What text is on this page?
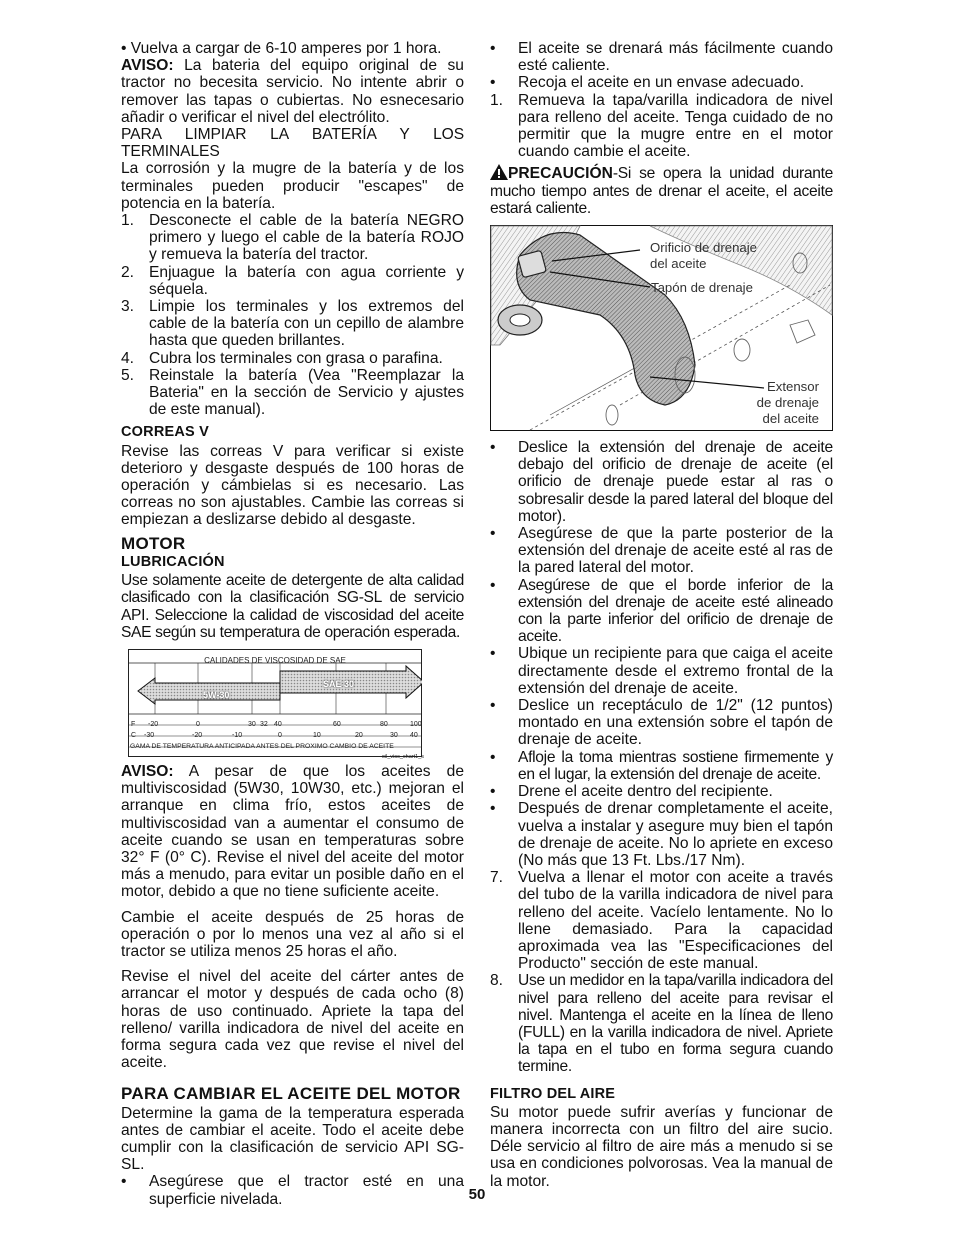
• Vuelva a cargar de 6-10 amperes por 1 hora.

AVISO: La bateria del equipo original de su tractor no becesita servicio. No intente abrir o remover las tapas o cubiertas. No esnecesario añadir o verificar el nivel del electrólito.

PARA LIMPIAR LA BATERÍA Y LOS TERMINALES

La corrosión y la mugre de la batería y de los terminales pueden producir "escapes" de potencia en la batería.

1. Desconecte el cable de la batería NEGRO primero y luego el cable de la batería ROJO y remueva la batería del tractor.

2. Enjuague la batería con agua corriente y séquela.

3. Limpie los terminales y los extremos del cable de la batería con un cepillo de alambre hasta que queden brillantes.

4. Cubra los terminales con grasa o parafina.

5. Reinstale la batería (Vea "Reemplazar la Bateria" en la sección de Servicio y ajustes de este manual).

CORREAS V

Revise las correas V para verificar si existe deterioro y desgaste después de 100 horas de operación y cámbielas si es necesario. Las correas no son ajustables. Cambie las correas si empiezan a deslizarse debido al desgaste.

MOTOR
LUBRICACIÓN

Use solamente aceite de detergente de alta calidad clasificado con la clasificación SG-SL de servicio API. Seleccione la calidad de viscosidad del aceite SAE según su temperatura de operación esperada.

CALIDADES DE VISCOSIDAD DE SAE
SAE 30
5W-30
F -20	0	30 32 40	60	80	100
C -30	-20	-10	0	10	20	30 40
GAMA DE TEMPERATURA ANTICIPADA ANTES DEL PROXIMO CAMBIO DE ACEITE
oil_visc_chart1_s

AVISO: A pesar de que los aceites de multiviscosidad (5W30, 10W30, etc.) mejoran el arranque en clima frío, estos aceites de multiviscosidad van a aumentar el consumo de aceite cuando se usan en temperaturas sobre 32° F (0° C). Revise el nivel del aceite del motor más a menudo, para evitar un posible daño en el motor, debido a que no tiene suficiente aceite.

Cambie el aceite después de 25 horas de operación o por lo menos una vez al año si el tractor se utiliza menos 25 horas el año.

Revise el nivel del aceite del cárter antes de arrancar el motor y después de cada ocho (8) horas de uso continuado. Apriete la tapa del relleno/ varilla indicadora de nivel del aceite en forma segura cada vez que revise el nivel del aceite.

PARA CAMBIAR EL ACEITE DEL MOTOR

Determine la gama de la temperatura esperada antes de cambiar el aceite. Todo el aceite debe cumplir con la clasificación de servicio API SG-SL.

• Asegúrese que el tractor esté en una superficie nivelada.

• El aceite se drenará más fácilmente cuando esté caliente.

• Recoja el aceite en un envase adecuado.

1. Remueva la tapa/varilla indicadora de nivel para relleno del aceite. Tenga cuidado de no permitir que la mugre entre en el motor cuando cambie el aceite.

PRECAUCIÓN-Si se opera la unidad durante mucho tiempo antes de drenar el aceite, el aceite estará caliente.

Orificio de drenaje
del aceite
Tapón de drenaje
Extensor
de drenaje
del aceite

• Deslice la extensión del drenaje de aceite debajo del orificio de drenaje de aceite (el orificio de drenaje puede estar al ras o sobresalir desde la pared lateral del bloque del motor).

• Asegúrese de que la parte posterior de la extensión del drenaje de aceite esté al ras de la pared lateral del motor.

• Asegúrese de que el borde inferior de la extensión del drenaje de aceite esté alineado con la parte inferior del orificio de drenaje de aceite.

• Ubique un recipiente para que caiga el aceite directamente desde el extremo frontal de la extensión del drenaje de aceite.

• Deslice un receptáculo de 1/2" (12 puntos) montado en una extensión sobre el tapón de drenaje de aceite.

• Afloje la toma mientras sostiene firmemente y en el lugar, la extensión del drenaje de aceite.

• Drene el aceite dentro del recipiente.

• Después de drenar completamente el aceite, vuelva a instalar y asegure muy bien el tapón de drenaje de aceite. No lo apriete en exceso (No más que 13 Ft. Lbs./17 Nm).

7. Vuelva a llenar el motor con aceite a través del tubo de la varilla indicadora de nivel para relleno del aceite. Vacíelo lentamente. No lo llene demasiado. Para la capacidad aproximada vea las "Especificaciones del Producto" sección de este manual.

8. Use un medidor en la tapa/varilla indicadora del nivel para relleno del aceite para revisar el nivel. Mantenga el aceite en la línea de lleno (FULL) en la varilla indicadora de nivel. Apriete la tapa en el tubo en forma segura cuando termine.

FILTRO DEL AIRE

Su motor puede sufrir averías y funcionar de manera incorrecta con un filtro del aire sucio. Déle servicio al filtro de aire más a menudo si se usa en condiciones polvorosas. Vea la manual de la motor.

50
